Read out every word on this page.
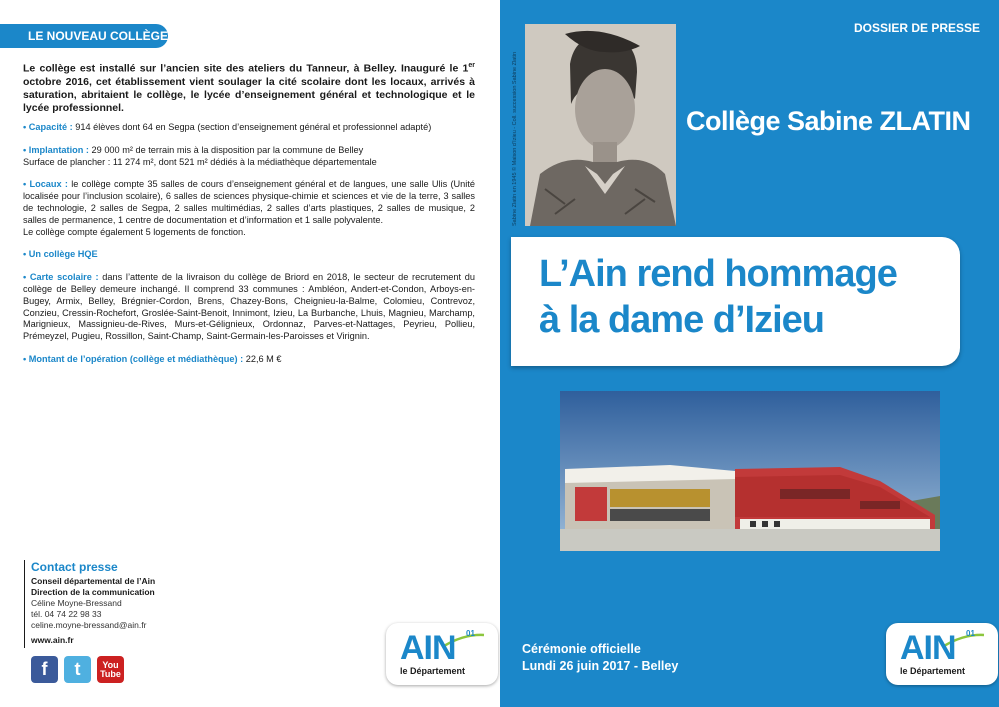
LE NOUVEAU COLLÈGE

Le collège est installé sur l’ancien site des ateliers du Tanneur, à Belley. Inauguré le 1er octobre 2016, cet établissement vient soulager la cité scolaire dont les locaux, arrivés à saturation, abritaient le collège, le lycée d’enseignement général et technologique et le lycée professionnel.

• Capacité : 914 élèves dont 64 en Segpa (section d’enseignement général et professionnel adapté)

• Implantation : 29 000 m² de terrain mis à la disposition par la commune de Belley
Surface de plancher : 11 274 m², dont 521 m² dédiés à la médiathèque départementale

• Locaux : le collège compte 35 salles de cours d’enseignement général et de langues, une salle Ulis (Unité localisée pour l’inclusion scolaire), 6 salles de sciences physique-chimie et sciences et vie de la terre, 3 salles de technologie, 2 salles de Segpa, 2 salles multimédias, 2 salles d’arts plastiques, 2 salles de musique, 2 salles de permanence, 1 centre de documentation et d’information et 1 salle polyvalente.
Le collège compte également 5 logements de fonction.

• Un collège HQE

• Carte scolaire : dans l’attente de la livraison du collège de Briord en 2018, le secteur de recrutement du collège de Belley demeure inchangé. Il comprend 33 communes : Ambléon, Andert-et-Condon, Arboys-en-Bugey, Armix, Belley, Brégnier-Cordon, Brens, Chazey-Bons, Cheignieu-la-Balme, Colomieu, Contrevoz, Conzieu, Cressin-Rochefort, Groslée-Saint-Benoit, Innimont, Izieu, La Burbanche, Lhuis, Magnieu, Marchamp, Marignieux, Massignieu-de-Rives, Murs-et-Gélignieux, Ordonnaz, Parves-et-Nattages, Peyrieu, Pollieu, Prémeyzel, Pugieu, Rossillon, Saint-Champ, Saint-Germain-les-Paroisses et Virignin.

• Montant de l’opération (collège et médiathèque) : 22,6 M €

Contact presse
Conseil départemental de l’Ain
Direction de la communication
Céline Moyne-Bressand
tél. 04 74 22 98 33
celine.moyne-bressand@ain.fr
www.ain.fr
f	t	You
Tube
AIN 01
le Département
DOSSIER DE PRESSE
Sabine Zlatin en 1945 © Maison d’Izieu - Coll. succession Sabine Zlatin	Collège Sabine ZLATIN
L’Ain rend hommage
à la dame d’Izieu
Cérémonie officielle
Lundi 26 juin 2017 - Belley	AIN 01
le Département
